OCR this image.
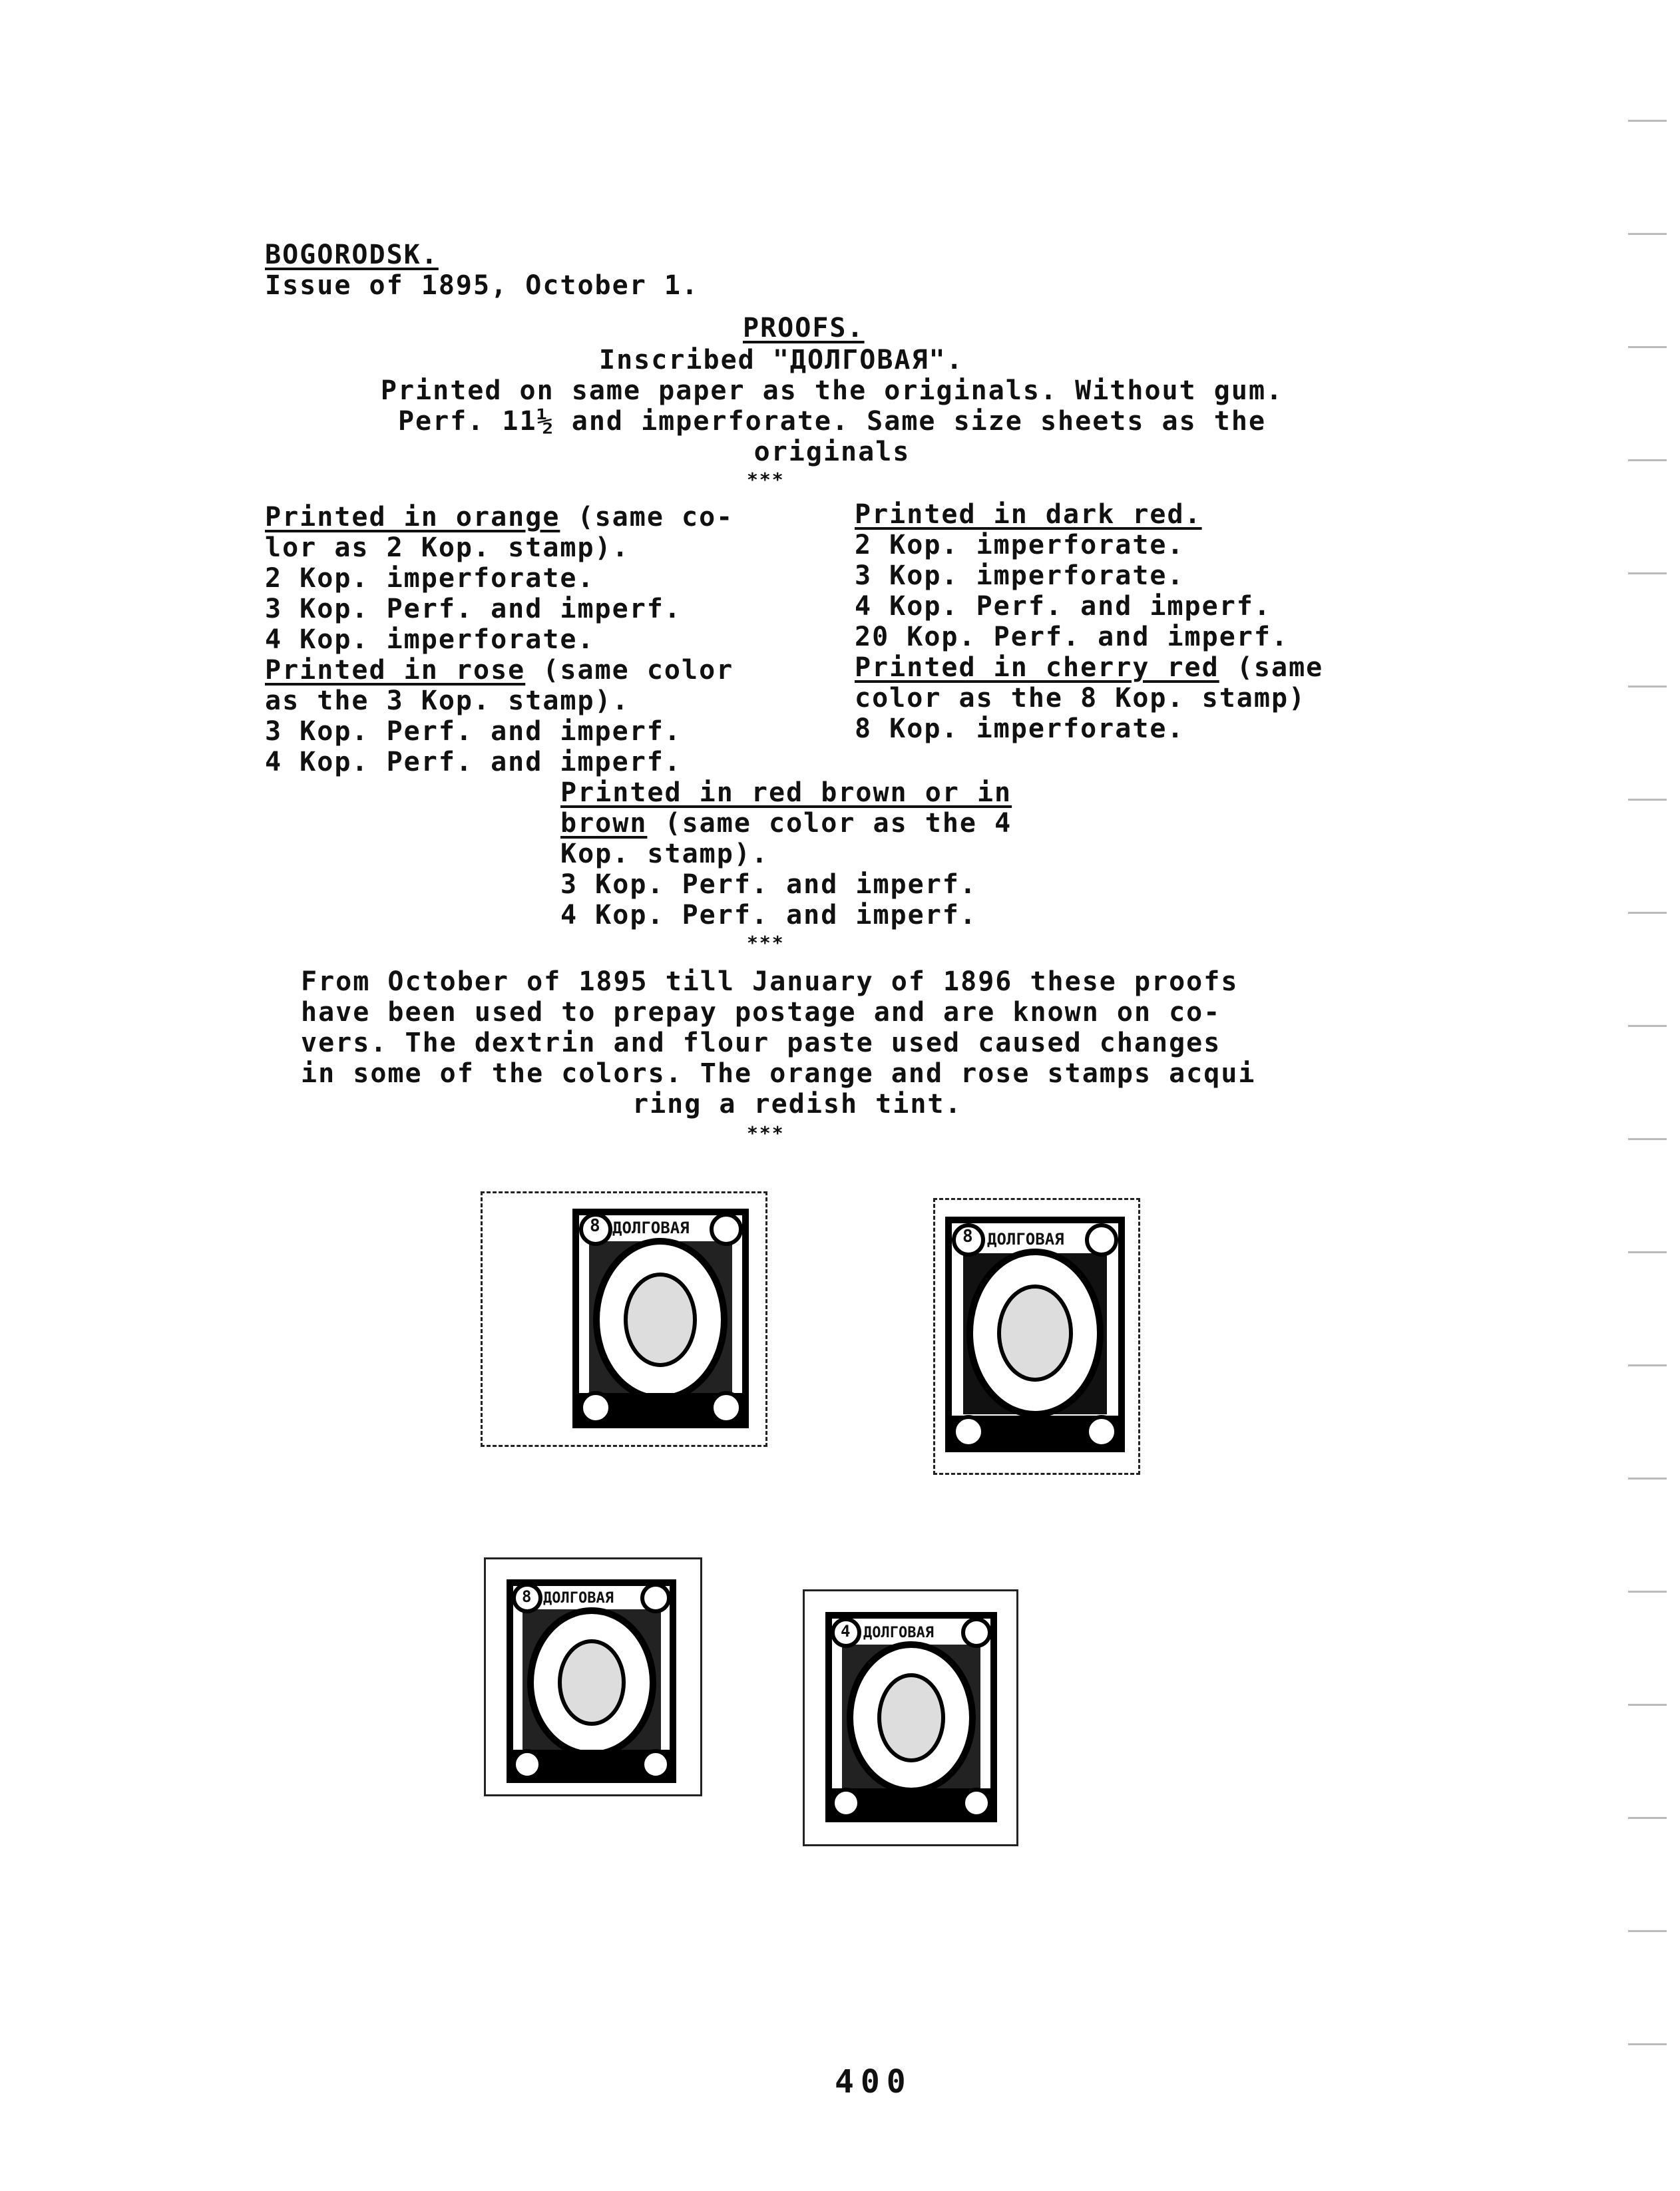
BOGORODSK.
Issue of 1895, October 1.
PROOFS.
Inscribed "ДОЛГОВАЯ".
Printed on same paper as the originals. Without gum.
Perf. 11½ and imperforate. Same size sheets as the
originals
***
Printed in orange (same co-
lor as 2 Kop. stamp).
2 Kop. imperforate.
3 Kop. Perf. and imperf.
4 Kop. imperforate.
Printed in rose (same color
as the 3 Kop. stamp).
3 Kop. Perf. and imperf.
4 Kop. Perf. and imperf.
Printed in dark red.
2 Kop. imperforate.
3 Kop. imperforate.
4 Kop. Perf. and imperf.
20 Kop. Perf. and imperf.
Printed in cherry red (same
color as the 8 Kop. stamp)
8 Kop. imperforate.
Printed in red brown or in
brown (same color as the 4
Kop. stamp).
3 Kop. Perf. and imperf.
4 Kop. Perf. and imperf.
***
From October of 1895 till January of 1896 these proofs
have been used to prepay postage and are known on co-
vers. The dextrin and flour paste used caused changes
in some of the colors. The orange and rose stamps acqui
ring a redish tint.
***
8 ДОЛГОВАЯ	8 ДОЛГОВАЯ
8 ДОЛГОВАЯ
4 ДОЛГОВАЯ
400
